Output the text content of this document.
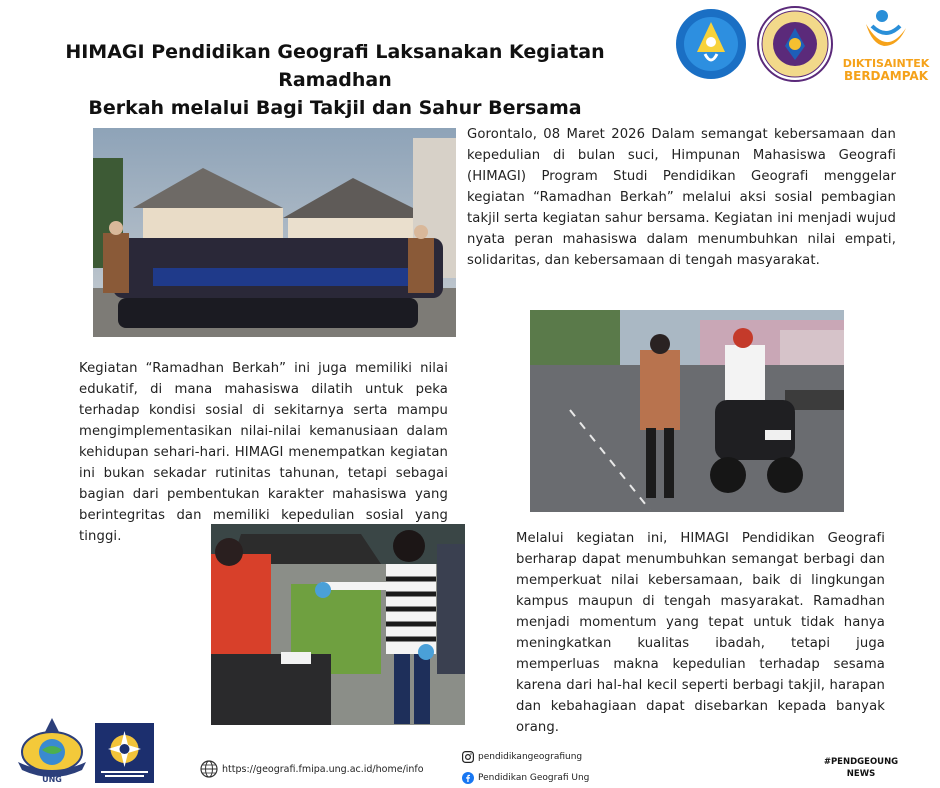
HIMAGI Pendidikan Geografi Laksanakan Kegiatan Ramadhan
Berkah melalui Bagi Takjil dan Sahur Bersama
DIKTISAINTEK
BERDAMPAK

Gorontalo, 08 Maret 2026 Dalam semangat kebersamaan dan kepedulian di bulan suci, Himpunan Mahasiswa Geografi (HIMAGI) Program Studi Pendidikan Geografi menggelar kegiatan “Ramadhan Berkah” melalui aksi sosial pembagian takjil serta kegiatan sahur bersama. Kegiatan ini menjadi wujud nyata peran mahasiswa dalam menumbuhkan nilai empati, solidaritas, dan kebersamaan di tengah masyarakat.

Kegiatan “Ramadhan Berkah” ini juga memiliki nilai edukatif, di mana mahasiswa dilatih untuk peka terhadap kondisi sosial di sekitarnya serta mampu mengimplementasikan nilai-nilai kemanusiaan dalam kehidupan sehari-hari. HIMAGI menempatkan kegiatan ini bukan sekadar rutinitas tahunan, tetapi sebagai bagian dari pembentukan karakter mahasiswa yang berintegritas dan memiliki kepedulian sosial yang tinggi.	Melalui kegiatan ini, HIMAGI Pendidikan Geografi berharap dapat menumbuhkan semangat berbagi dan memperkuat nilai kebersamaan, baik di lingkungan kampus maupun di tengah masyarakat. Ramadhan menjadi momentum yang tepat untuk tidak hanya meningkatkan kualitas ibadah, tetapi juga memperluas makna kepedulian terhadap sesama karena dari hal-hal kecil seperti berbagi takjil, harapan dan kebahagiaan dapat disebarkan kepada banyak orang.

UNG
https://geografi.fmipa.ung.ac.id/home/info
pendidikangeografiung
Pendidikan Geografi Ung
#PENDGEOUNG
NEWS
